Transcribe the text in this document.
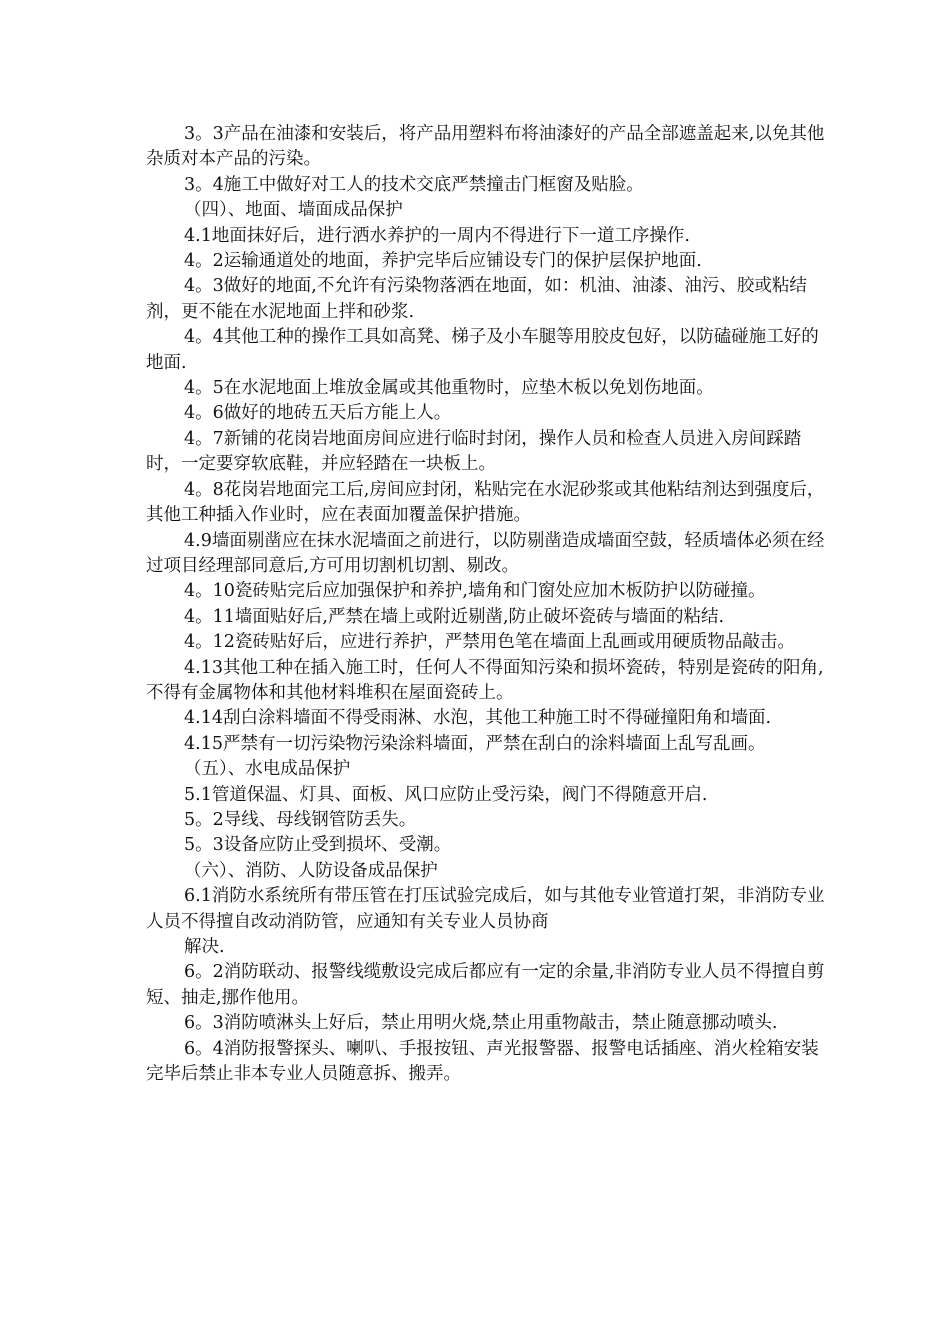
3。3产品在油漆和安装后，将产品用塑料布将油漆好的产品全部遮盖起来,以免其他杂质对本产品的污染。

3。4施工中做好对工人的技术交底严禁撞击门框窗及贴脸。

（四）、地面、墙面成品保护

4.1地面抹好后，进行洒水养护的一周内不得进行下一道工序操作.

4。2运输通道处的地面，养护完毕后应铺设专门的保护层保护地面.

4。3做好的地面,不允许有污染物落洒在地面，如：机油、油漆、油污、胶或粘结剂，更不能在水泥地面上拌和砂浆.

4。4其他工种的操作工具如高凳、梯子及小车腿等用胶皮包好，以防磕碰施工好的地面.

4。5在水泥地面上堆放金属或其他重物时，应垫木板以免划伤地面。

4。6做好的地砖五天后方能上人。

4。7新铺的花岗岩地面房间应进行临时封闭，操作人员和检查人员进入房间踩踏时，一定要穿软底鞋，并应轻踏在一块板上。

4。8花岗岩地面完工后,房间应封闭，粘贴完在水泥砂浆或其他粘结剂达到强度后，其他工种插入作业时，应在表面加覆盖保护措施。

4.9墙面剔凿应在抹水泥墙面之前进行，以防剔凿造成墙面空鼓，轻质墙体必须在经过项目经理部同意后,方可用切割机切割、剔改。

4。10瓷砖贴完后应加强保护和养护,墙角和门窗处应加木板防护以防碰撞。

4。11墙面贴好后,严禁在墙上或附近剔凿,防止破坏瓷砖与墙面的粘结.

4。12瓷砖贴好后，应进行养护，严禁用色笔在墙面上乱画或用硬质物品敲击。

4.13其他工种在插入施工时，任何人不得面知污染和损坏瓷砖，特别是瓷砖的阳角,不得有金属物体和其他材料堆积在屋面瓷砖上。

4.14刮白涂料墙面不得受雨淋、水泡，其他工种施工时不得碰撞阳角和墙面.

4.15严禁有一切污染物污染涂料墙面，严禁在刮白的涂料墙面上乱写乱画。

（五）、水电成品保护

5.1管道保温、灯具、面板、风口应防止受污染，阀门不得随意开启.

5。2导线、母线钢管防丢失。

5。3设备应防止受到损坏、受潮。

（六）、消防、人防设备成品保护

6.1消防水系统所有带压管在打压试验完成后，如与其他专业管道打架，非消防专业人员不得擅自改动消防管，应通知有关专业人员协商

解决.

6。2消防联动、报警线缆敷设完成后都应有一定的余量,非消防专业人员不得擅自剪短、抽走,挪作他用。

6。3消防喷淋头上好后，禁止用明火烧,禁止用重物敲击，禁止随意挪动喷头.

6。4消防报警探头、喇叭、手报按钮、声光报警器、报警电话插座、消火栓箱安装完毕后禁止非本专业人员随意拆、搬弄。
